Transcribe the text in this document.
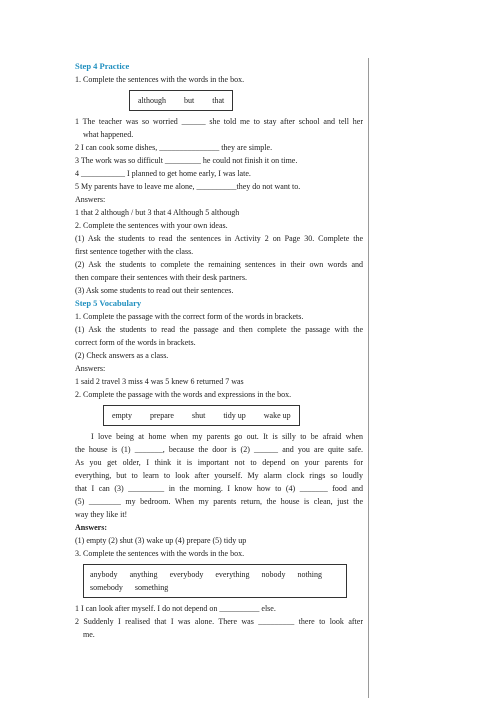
Step 4 Practice
1. Complete the sentences with the words in the box.
although but that
1 The teacher was so worried ______ she told me to stay after school and tell her
what happened.
2 I can cook some dishes, _______________ they are simple.
3 The work was so difficult _________ he could not finish it on time.
4 ___________ I planned to get home early, I was late.
5 My parents have to leave me alone, __________they do not want to.
Answers:
1 that 2 although / but 3 that 4 Although 5 although
2. Complete the sentences with your own ideas.
(1) Ask the students to read the sentences in Activity 2 on Page 30. Complete the
first sentence together with the class.
(2) Ask the students to complete the remaining sentences in their own words and
then compare their sentences with their desk partners.
(3) Ask some students to read out their sentences.
Step 5 Vocabulary
1. Complete the passage with the correct form of the words in brackets.
(1) Ask the students to read the passage and then complete the passage with the
correct form of the words in brackets.
(2) Check answers as a class.
Answers:
1 said 2 travel 3 miss 4 was 5 knew 6 returned 7 was
2. Complete the passage with the words and expressions in the box.
empty prepare shut tidy up wake up
I love being at home when my parents go out. It is silly to be afraid when
the house is (1) _______, because the door is (2) ______ and you are quite safe.
As you get older, I think it is important not to depend on your parents for
everything, but to learn to look after yourself. My alarm clock rings so loudly
that I can (3) _________ in the morning. I know how to (4) _______ food and
(5) ________ my bedroom. When my parents return, the house is clean, just the
way they like it!
Answers:
(1) empty (2) shut (3) wake up (4) prepare (5) tidy up
3. Complete the sentences with the words in the box.
anybody anything everybody everything nobody nothing
somebody something
1 I can look after myself. I do not depend on __________ else.
2 Suddenly I realised that I was alone. There was _________ there to look after
me.
